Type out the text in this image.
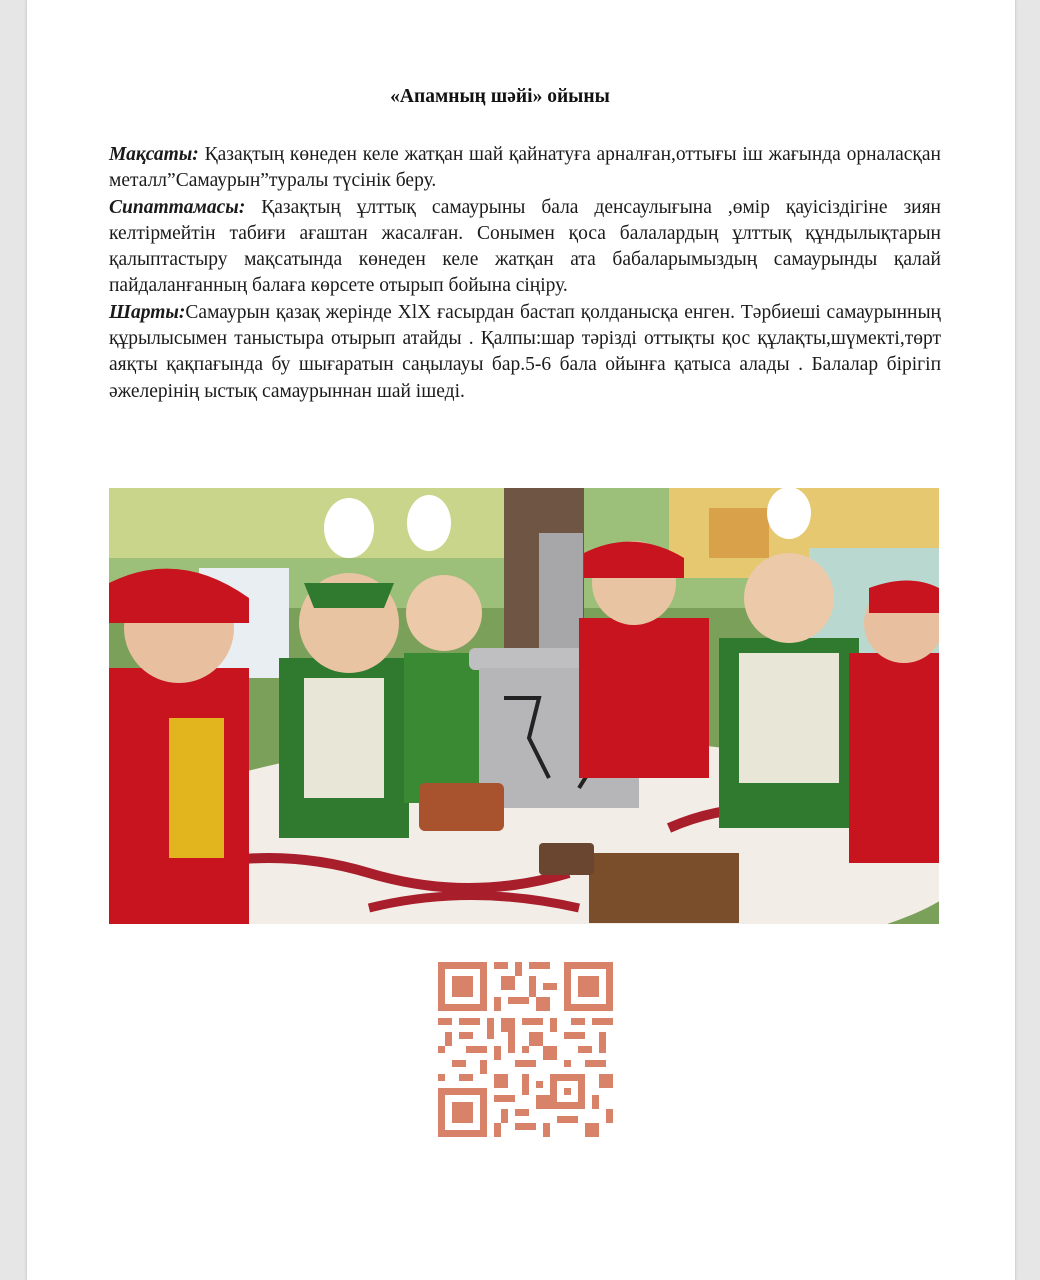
«Апамның шәйі» ойыны

Мақсаты: Қазақтың көнеден келе жатқан шай қайнатуға арналған,оттығы іш жағында орналасқан металл”Самаурын”туралы түсінік беру.

Сипаттамасы: Қазақтың ұлттық самаурыны бала денсаулығына ,өмір қауісіздігіне зиян келтірмейтін табиғи ағаштан жасалған. Сонымен қоса балалардың ұлттық құндылықтарын қалыптастыру мақсатында көнеден келе жатқан ата бабаларымыздың самаурынды қалай пайдаланғанның балаға көрсете отырып бойына сіңіру.

Шарты:Самаурын қазақ жерінде XlX ғасырдан бастап қолданысқа енген. Тәрбиеші самаурынның құрылысымен таныстыра отырып атайды . Қалпы:шар тәрізді оттықты қос құлақты,шүмекті,төрт аяқты қақпағында бу шығаратын саңылауы бар.5-6 бала ойынға қатыса алады . Балалар бірігіп әжелерінің ыстық самаурыннан шай ішеді.
